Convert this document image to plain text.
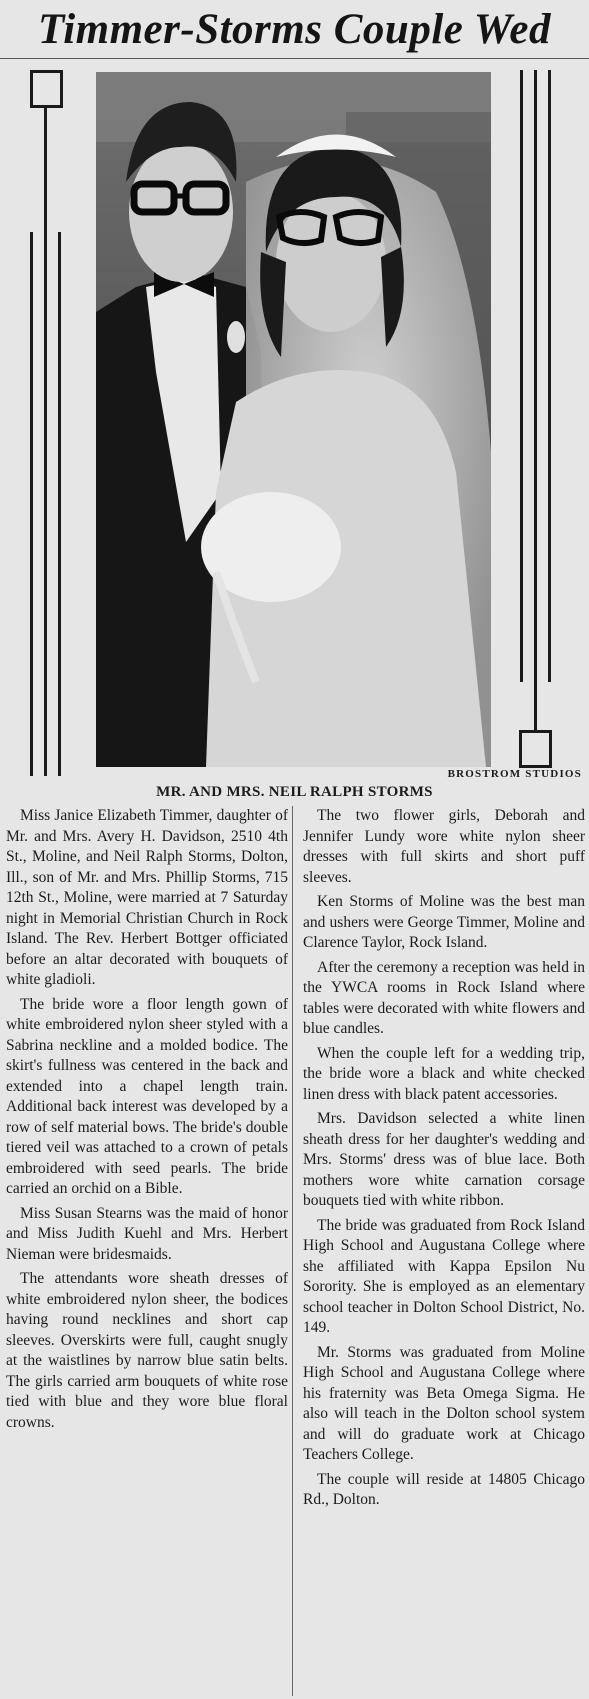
Timmer-Storms Couple Wed
BROSTROM STUDIOS
MR. AND MRS. NEIL RALPH STORMS

Miss Janice Elizabeth Timmer, daughter of Mr. and Mrs. Avery H. Davidson, 2510 4th St., Moline, and Neil Ralph Storms, Dolton, Ill., son of Mr. and Mrs. Phillip Storms, 715 12th St., Moline, were married at 7 Saturday night in Memorial Christian Church in Rock Island. The Rev. Herbert Bottger officiated before an altar decorated with bouquets of white gladioli.

The bride wore a floor length gown of white embroidered nylon sheer styled with a Sabrina neckline and a molded bodice. The skirt's fullness was centered in the back and extended into a chapel length train. Additional back interest was developed by a row of self material bows. The bride's double tiered veil was attached to a crown of petals embroidered with seed pearls. The bride carried an orchid on a Bible.

Miss Susan Stearns was the maid of honor and Miss Judith Kuehl and Mrs. Herbert Nieman were bridesmaids.

The attendants wore sheath dresses of white embroidered nylon sheer, the bodices having round necklines and short cap sleeves. Overskirts were full, caught snugly at the waistlines by narrow blue satin belts. The girls carried arm bouquets of white rose tied with blue and they wore blue floral crowns.

The two flower girls, Deborah and Jennifer Lundy wore white nylon sheer dresses with full skirts and short puff sleeves.

Ken Storms of Moline was the best man and ushers were George Timmer, Moline and Clarence Taylor, Rock Island.

After the ceremony a reception was held in the YWCA rooms in Rock Island where tables were decorated with white flowers and blue candles.

When the couple left for a wedding trip, the bride wore a black and white checked linen dress with black patent accessories.

Mrs. Davidson selected a white linen sheath dress for her daughter's wedding and Mrs. Storms' dress was of blue lace. Both mothers wore white carnation corsage bouquets tied with white ribbon.

The bride was graduated from Rock Island High School and Augustana College where she affiliated with Kappa Epsilon Nu Sorority. She is employed as an elementary school teacher in Dolton School District, No. 149.

Mr. Storms was graduated from Moline High School and Augustana College where his fraternity was Beta Omega Sigma. He also will teach in the Dolton school system and will do graduate work at Chicago Teachers College.

The couple will reside at 14805 Chicago Rd., Dolton.
